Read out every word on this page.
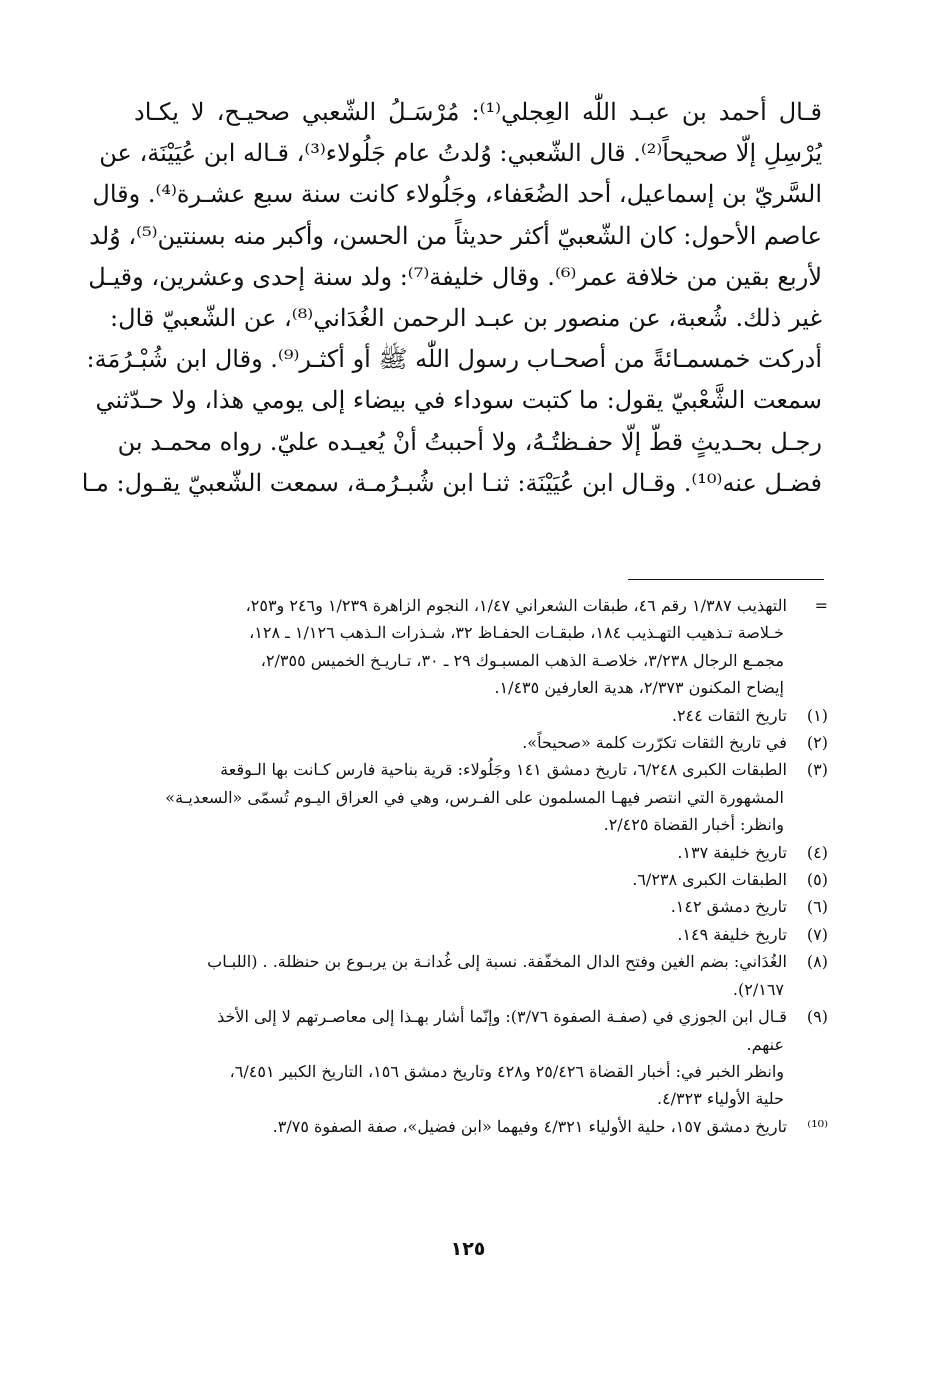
قـال أحمد بن عبـد اللّٰه العِجلي⁽¹⁾: مُرْسَـلُ الشّعبي صحيـح، لا يكـاد
يُرْسِلِ إلّا صحيحاً⁽²⁾. قال الشّعبي: وُلدتُ عام جَلُولاء⁽³⁾، قـاله ابن عُيَيْنَة، عن
السَّريّ بن إسماعيل، أحد الضُعَفاء، وجَلُولاء كانت سنة سبع عشـرة⁽⁴⁾. وقال
عاصم الأحول: كان الشّعبيّ أكثر حديثاً من الحسن، وأكبر منه بسنتين⁽⁵⁾، وُلد
لأربع بقين من خلافة عمر⁽⁶⁾. وقال خليفة⁽⁷⁾: ولد سنة إحدى وعشرين، وقيـل
غير ذلك. شُعبة، عن منصور بن عبـد الرحمن الغُدَاني⁽⁸⁾، عن الشّعبيّ قال:
أدركت خمسمـائةً من أصحـاب رسول اللّٰه ﷺ أو أكثـر⁽⁹⁾. وقال ابن شُبْـرُمَة:
سمعت الشَّعْبيّ يقول: ما كتبت سوداء في بيضاء إلى يومي هذا، ولا حـدّثني
رجـل بحـديثٍ قطّ إلّا حفـظتُـهُ، ولا أحببتُ أنْ يُعيـده عليّ. رواه محمـد بن
فضـل عنه⁽¹⁰⁾. وقـال ابن عُيَيْنَة: ثنـا ابن شُبـرُمـة، سمعت الشّعبيّ يقـول: مـا
= التهذيب ١/٣٨٧ رقم ٤٦، طبقات الشعراني ١/٤٧، النجوم الزاهرة ١/٢٣٩ و٢٤٦ و٢٥٣،
خـلاصة تـذهيب التهـذيب ١٨٤، طبقـات الحفـاظ ٣٢، شـذرات الـذهب ١/١٢٦ ـ ١٢٨،
مجمـع الرجال ٣/٢٣٨، خلاصـة الذهب المسبـوك ٢٩ ـ ٣٠، تـاريـخ الخميس ٢/٣٥٥،
إيضاح المكنون ٢/٣٧٣، هدية العارفين ١/٤٣٥.
(١) تاريخ الثقات ٢٤٤.
(٢) في تاريخ الثقات تكرّرت كلمة «صحيحاً».
(٣) الطبقات الكبرى ٦/٢٤٨، تاريخ دمشق ١٤١ وجَلُولاء: قرية بناحية فارس كـانت بها الـوقعة
المشهورة التي انتصر فيهـا المسلمون على الفـرس، وهي في العراق اليـوم تُسمّى «السعديـة»
وانظر: أخبار القضاة ٢/٤٢٥.
(٤) تاريخ خليفة ١٣٧.
(٥) الطبقات الكبرى ٦/٢٣٨.
(٦) تاريخ دمشق ١٤٢.
(٧) تاريخ خليفة ١٤٩.
(٨) الغُدَاني: بضم الغين وفتح الدال المخفّفة. نسبة إلى غُدانـة بن يربـوع بن حنظلة. . (اللبـاب
٢/١٦٧).
(٩) قـال ابن الجوزي في (صفـة الصفوة ٣/٧٦): وإنّما أشار بهـذا إلى معاصـرتهم لا إلى الأخذ
عنهم.
وانظر الخبر في: أخبار القضاة ٢٥/٤٢٦ و٤٢٨ وتاريخ دمشق ١٥٦، التاريخ الكبير ٦/٤٥١،
حلية الأولياء ٤/٣٢٣.
⁽¹⁰⁾ تاريخ دمشق ١٥٧، حلية الأولياء ٤/٣٢١ وفيهما «ابن فضيل»، صفة الصفوة ٣/٧٥.
١٢٥
